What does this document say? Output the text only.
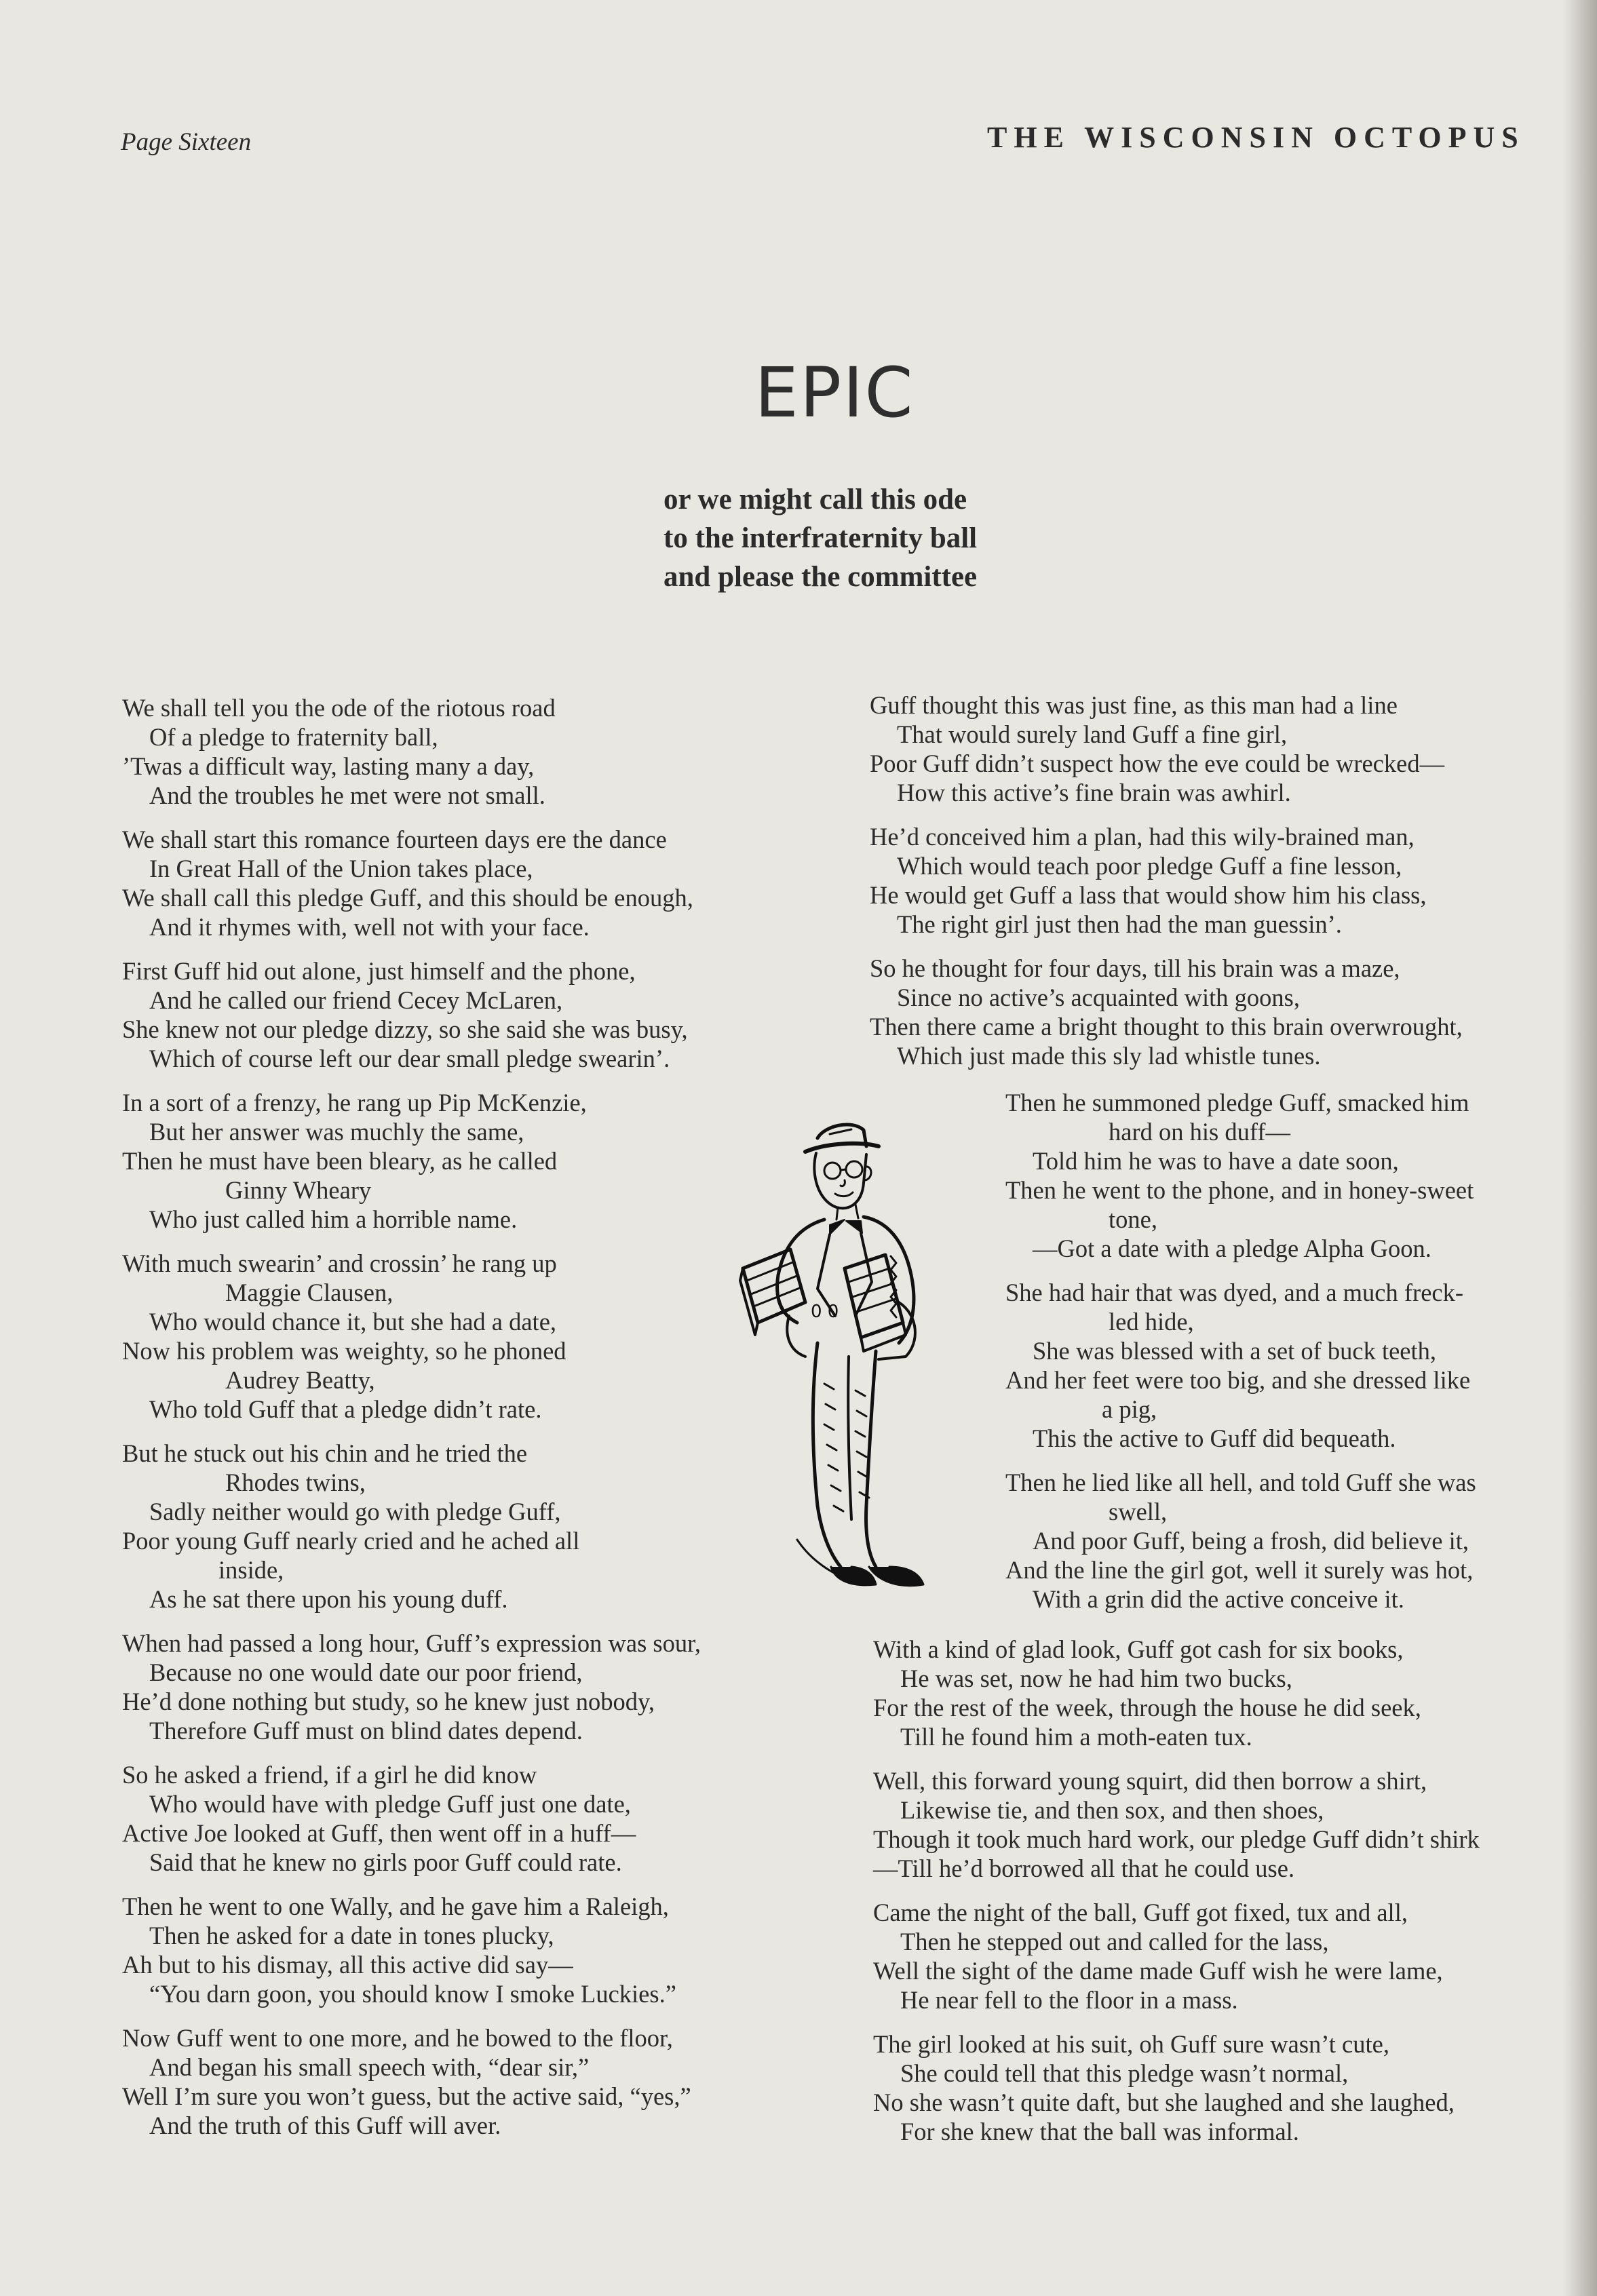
Page Sixteen	THE WISCONSIN OCTOPUS
EPIC
or we might call this ode
to the interfraternity ball
and please the committee
We shall tell you the ode of the riotous road
Of a pledge to fraternity ball,
’Twas a difficult way, lasting many a day,
And the troubles he met were not small.
We shall start this romance fourteen days ere the dance
In Great Hall of the Union takes place,
We shall call this pledge Guff, and this should be enough,
And it rhymes with, well not with your face.
First Guff hid out alone, just himself and the phone,
And he called our friend Cecey McLaren,
She knew not our pledge dizzy, so she said she was busy,
Which of course left our dear small pledge swearin’.
In a sort of a frenzy, he rang up Pip McKenzie,
But her answer was muchly the same,
Then he must have been bleary, as he called
Ginny Wheary
Who just called him a horrible name.
With much swearin’ and crossin’ he rang up
Maggie Clausen,
Who would chance it, but she had a date,
Now his problem was weighty, so he phoned
Audrey Beatty,
Who told Guff that a pledge didn’t rate.
But he stuck out his chin and he tried the
Rhodes twins,
Sadly neither would go with pledge Guff,
Poor young Guff nearly cried and he ached all
inside,
As he sat there upon his young duff.
When had passed a long hour, Guff’s expression was sour,
Because no one would date our poor friend,
He’d done nothing but study, so he knew just nobody,
Therefore Guff must on blind dates depend.
So he asked a friend, if a girl he did know
Who would have with pledge Guff just one date,
Active Joe looked at Guff, then went off in a huff—
Said that he knew no girls poor Guff could rate.
Then he went to one Wally, and he gave him a Raleigh,
Then he asked for a date in tones plucky,
Ah but to his dismay, all this active did say—
“You darn goon, you should know I smoke Luckies.”
Now Guff went to one more, and he bowed to the floor,
And began his small speech with, “dear sir,”
Well I’m sure you won’t guess, but the active said, “yes,”
And the truth of this Guff will aver.
Guff thought this was just fine, as this man had a line
That would surely land Guff a fine girl,
Poor Guff didn’t suspect how the eve could be wrecked—
How this active’s fine brain was awhirl.
He’d conceived him a plan, had this wily-brained man,
Which would teach poor pledge Guff a fine lesson,
He would get Guff a lass that would show him his class,
The right girl just then had the man guessin’.
So he thought for four days, till his brain was a maze,
Since no active’s acquainted with goons,
Then there came a bright thought to this brain overwrought,
Which just made this sly lad whistle tunes.
Then he summoned pledge Guff, smacked him
hard on his duff—
Told him he was to have a date soon,
Then he went to the phone, and in honey-sweet
tone,
—Got a date with a pledge Alpha Goon.
She had hair that was dyed, and a much freck-
led hide,
She was blessed with a set of buck teeth,
And her feet were too big, and she dressed like
a pig,
This the active to Guff did bequeath.
Then he lied like all hell, and told Guff she was
swell,
And poor Guff, being a frosh, did believe it,
And the line the girl got, well it surely was hot,
With a grin did the active conceive it.
With a kind of glad look, Guff got cash for six books,
He was set, now he had him two bucks,
For the rest of the week, through the house he did seek,
Till he found him a moth-eaten tux.
Well, this forward young squirt, did then borrow a shirt,
Likewise tie, and then sox, and then shoes,
Though it took much hard work, our pledge Guff didn’t shirk
—Till he’d borrowed all that he could use.
Came the night of the ball, Guff got fixed, tux and all,
Then he stepped out and called for the lass,
Well the sight of the dame made Guff wish he were lame,
He near fell to the floor in a mass.
The girl looked at his suit, oh Guff sure wasn’t cute,
She could tell that this pledge wasn’t normal,
No she wasn’t quite daft, but she laughed and she laughed,
For she knew that the ball was informal.
0 0
